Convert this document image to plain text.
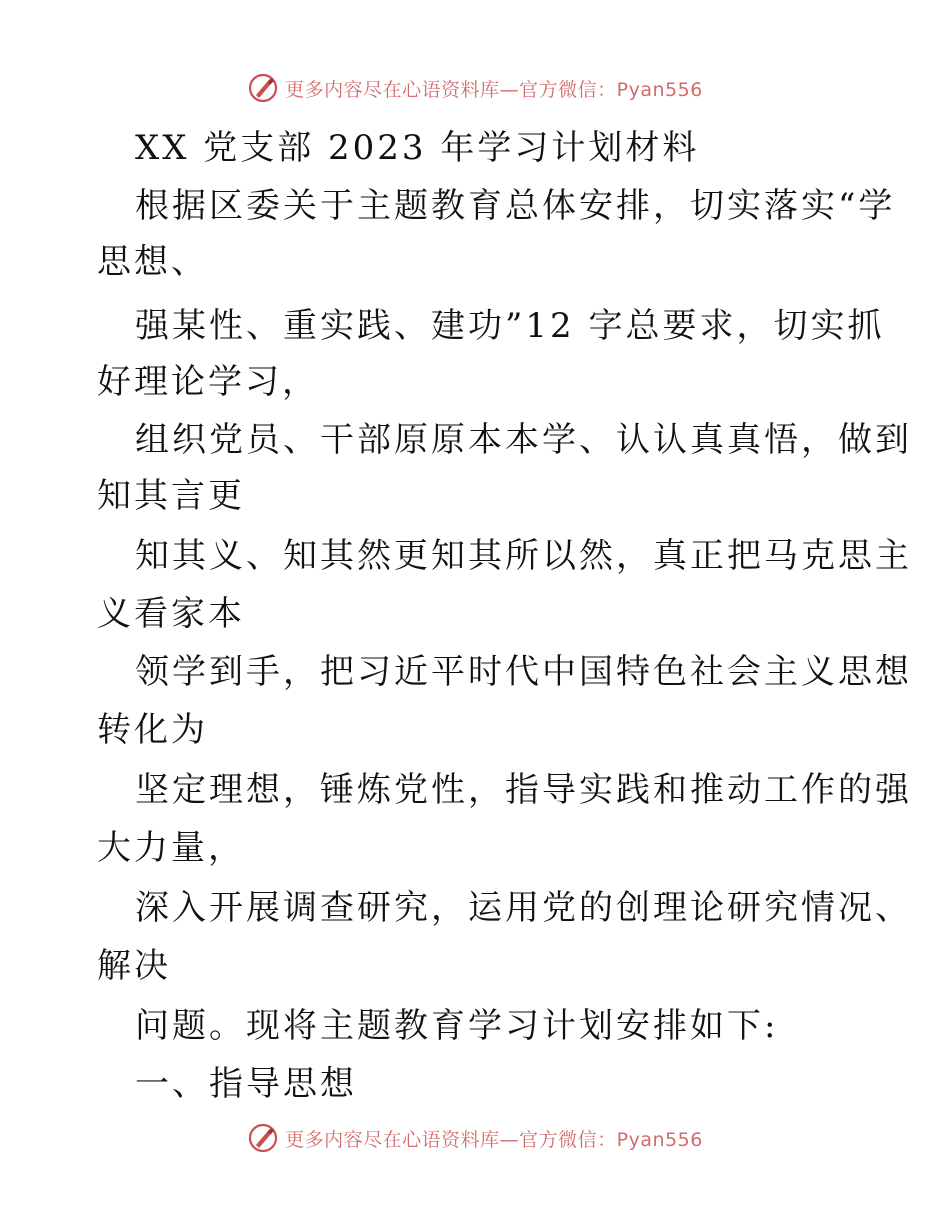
更多内容尽在心语资料库—官方微信：Pyan556
XX 党支部 2023 年学习计划材料
根据区委关于主题教育总体安排，切实落实“学
思想、
强某性、重实践、建功”12 字总要求，切实抓
好理论学习，
组织党员、干部原原本本学、认认真真悟，做到
知其言更
知其义、知其然更知其所以然，真正把马克思主
义看家本
领学到手，把习近平时代中国特色社会主义思想
转化为
坚定理想，锤炼党性，指导实践和推动工作的强
大力量，
深入开展调查研究，运用党的创理论研究情况、
解决
问题。现将主题教育学习计划安排如下:
一、指导思想
更多内容尽在心语资料库—官方微信：Pyan556
